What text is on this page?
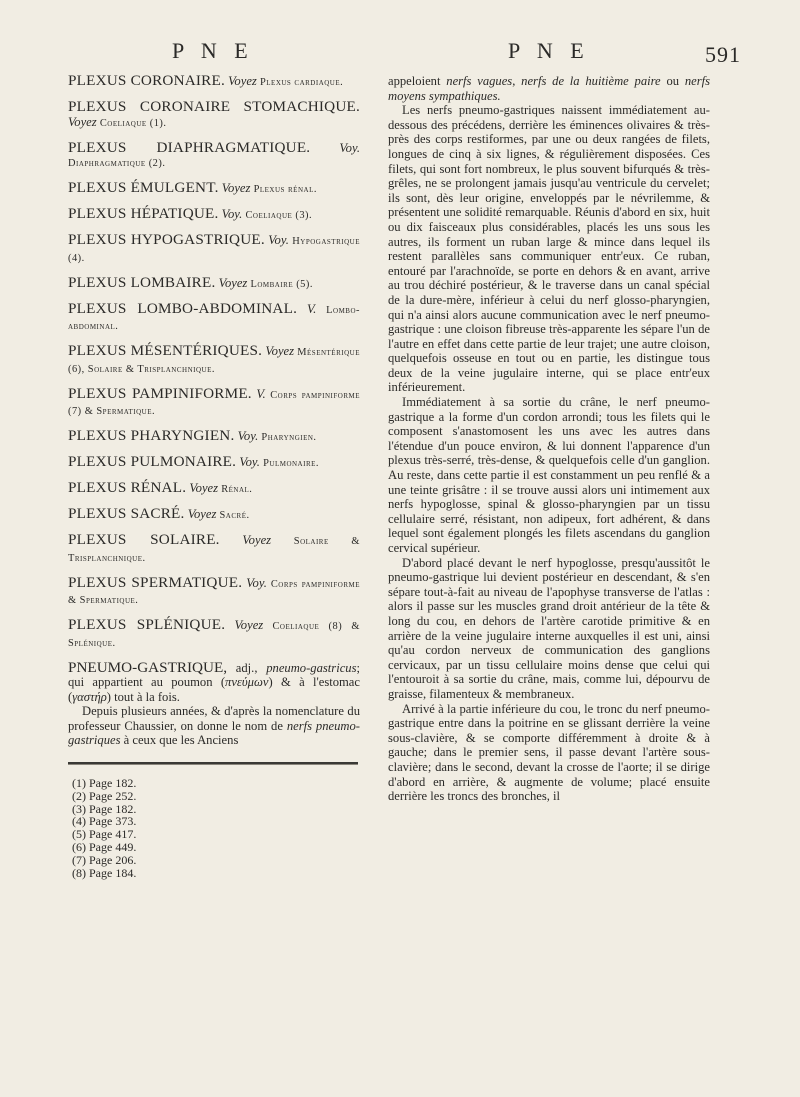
P N E	P N E	591

PLEXUS CORONAIRE. Voyez Plexus cardiaque.

PLEXUS CORONAIRE STOMACHIQUE. Voyez Coeliaque (1).

PLEXUS DIAPHRAGMATIQUE. Voy. Diaphragmatique (2).

PLEXUS ÉMULGENT. Voyez Plexus rénal.

PLEXUS HÉPATIQUE. Voy. Coeliaque (3).

PLEXUS HYPOGASTRIQUE. Voy. Hypogastrique (4).

PLEXUS LOMBAIRE. Voyez Lombaire (5).

PLEXUS LOMBO-ABDOMINAL. V. Lombo-abdominal.

PLEXUS MÉSENTÉRIQUES. Voyez Mésentérique (6), Solaire & Trisplanchnique.

PLEXUS PAMPINIFORME. V. Corps pampiniforme (7) & Spermatique.

PLEXUS PHARYNGIEN. Voy. Pharyngien.

PLEXUS PULMONAIRE. Voy. Pulmonaire.

PLEXUS RÉNAL. Voyez Rénal.

PLEXUS SACRÉ. Voyez Sacré.

PLEXUS SOLAIRE. Voyez Solaire & Trisplanchnique.

PLEXUS SPERMATIQUE. Voy. Corps pampiniforme & Spermatique.

PLEXUS SPLÉNIQUE. Voyez Coeliaque (8) & Splénique.

PNEUMO-GASTRIQUE, adj., pneumo-gastricus; qui appartient au poumon (πνεύμων) & à l'estomac (γαστήρ) tout à la fois.

Depuis plusieurs années, & d'après la nomenclature du professeur Chaussier, on donne le nom de nerfs pneumo-gastriques à ceux que les Anciens

(1) Page 182.
(2) Page 252.
(3) Page 182.
(4) Page 373.
(5) Page 417.
(6) Page 449.
(7) Page 206.
(8) Page 184.

appeloient nerfs vagues, nerfs de la huitième paire ou nerfs moyens sympathiques.

Les nerfs pneumo-gastriques naissent immédiatement au-dessous des précédens, derrière les éminences olivaires & très-près des corps restiformes, par une ou deux rangées de filets, longues de cinq à six lignes, & régulièrement disposées. Ces filets, qui sont fort nombreux, le plus souvent bifurqués & très-grêles, ne se prolongent jamais jusqu'au ventricule du cervelet; ils sont, dès leur origine, enveloppés par le névrilemme, & présentent une solidité remarquable. Réunis d'abord en six, huit ou dix faisceaux plus considérables, placés les uns sous les autres, ils forment un ruban large & mince dans lequel ils restent parallèles sans communiquer entr'eux. Ce ruban, entouré par l'arachnoïde, se porte en dehors & en avant, arrive au trou déchiré postérieur, & le traverse dans un canal spécial de la dure-mère, inférieur à celui du nerf glosso-pharyngien, qui n'a ainsi alors aucune communication avec le nerf pneumo-gastrique : une cloison fibreuse très-apparente les sépare l'un de l'autre en effet dans cette partie de leur trajet; une autre cloison, quelquefois osseuse en tout ou en partie, les distingue tous deux de la veine jugulaire interne, qui se place entr'eux inférieurement.

Immédiatement à sa sortie du crâne, le nerf pneumo-gastrique a la forme d'un cordon arrondi; tous les filets qui le composent s'anastomosent les uns avec les autres dans l'étendue d'un pouce environ, & lui donnent l'apparence d'un plexus très-serré, très-dense, & quelquefois celle d'un ganglion. Au reste, dans cette partie il est constamment un peu renflé & a une teinte grisâtre : il se trouve aussi alors uni intimement aux nerfs hypoglosse, spinal & glosso-pharyngien par un tissu cellulaire serré, résistant, non adipeux, fort adhérent, & dans lequel sont également plongés les filets ascendans du ganglion cervical supérieur.

D'abord placé devant le nerf hypoglosse, presqu'aussitôt le pneumo-gastrique lui devient postérieur en descendant, & s'en sépare tout-à-fait au niveau de l'apophyse transverse de l'atlas : alors il passe sur les muscles grand droit antérieur de la tête & long du cou, en dehors de l'artère carotide primitive & en arrière de la veine jugulaire interne auxquelles il est uni, ainsi qu'au cordon nerveux de communication des ganglions cervicaux, par un tissu cellulaire moins dense que celui qui l'entouroit à sa sortie du crâne, mais, comme lui, dépourvu de graisse, filamenteux & membraneux.

Arrivé à la partie inférieure du cou, le tronc du nerf pneumo-gastrique entre dans la poitrine en se glissant derrière la veine sous-clavière, & se comporte différemment à droite & à gauche; dans le premier sens, il passe devant l'artère sous-clavière; dans le second, devant la crosse de l'aorte; il se dirige d'abord en arrière, & augmente de volume; placé ensuite derrière les troncs des bronches, il
